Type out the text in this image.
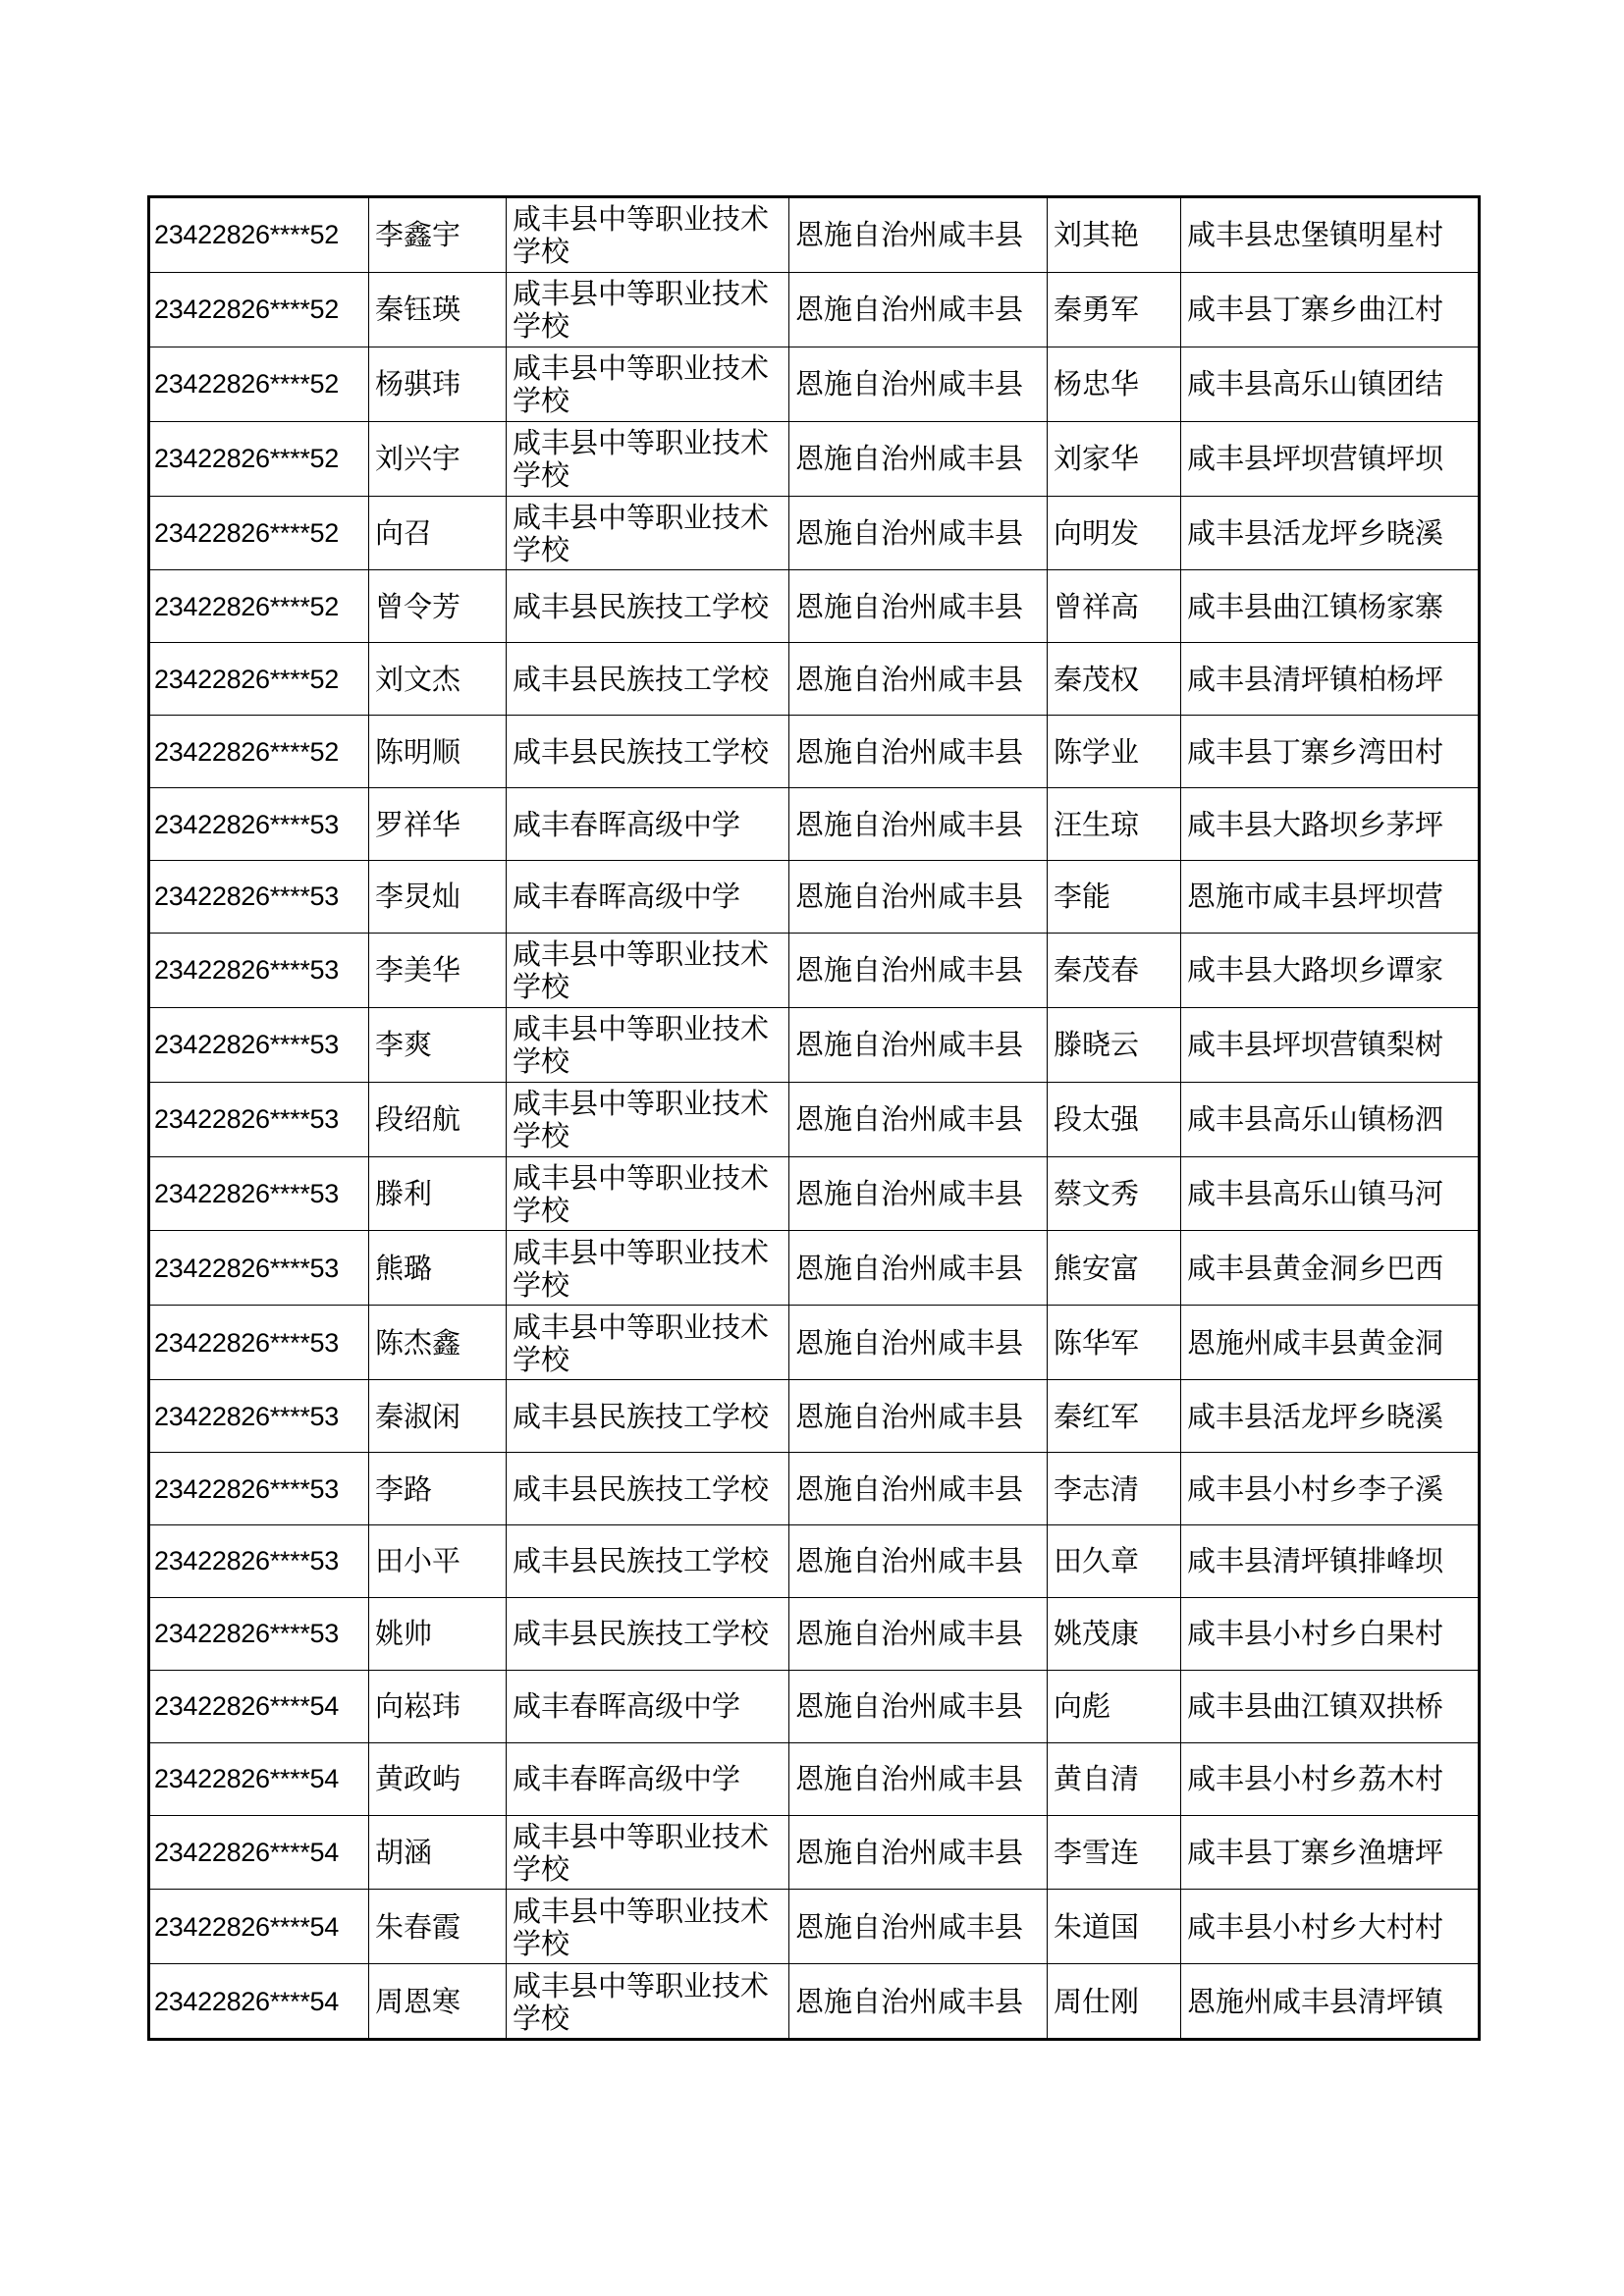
23422826****52	李鑫宇	咸丰县中等职业技术学校	恩施自治州咸丰县	刘其艳	咸丰县忠堡镇明星村
23422826****52	秦钰瑛	咸丰县中等职业技术学校	恩施自治州咸丰县	秦勇军	咸丰县丁寨乡曲江村
23422826****52	杨骐玮	咸丰县中等职业技术学校	恩施自治州咸丰县	杨忠华	咸丰县高乐山镇团结
23422826****52	刘兴宇	咸丰县中等职业技术学校	恩施自治州咸丰县	刘家华	咸丰县坪坝营镇坪坝
23422826****52	向召	咸丰县中等职业技术学校	恩施自治州咸丰县	向明发	咸丰县活龙坪乡晓溪
23422826****52	曾令芳	咸丰县民族技工学校	恩施自治州咸丰县	曾祥高	咸丰县曲江镇杨家寨
23422826****52	刘文杰	咸丰县民族技工学校	恩施自治州咸丰县	秦茂权	咸丰县清坪镇柏杨坪
23422826****52	陈明顺	咸丰县民族技工学校	恩施自治州咸丰县	陈学业	咸丰县丁寨乡湾田村
23422826****53	罗祥华	咸丰春晖高级中学	恩施自治州咸丰县	汪生琼	咸丰县大路坝乡茅坪
23422826****53	李炅灿	咸丰春晖高级中学	恩施自治州咸丰县	李能	恩施市咸丰县坪坝营
23422826****53	李美华	咸丰县中等职业技术学校	恩施自治州咸丰县	秦茂春	咸丰县大路坝乡谭家
23422826****53	李爽	咸丰县中等职业技术学校	恩施自治州咸丰县	滕晓云	咸丰县坪坝营镇梨树
23422826****53	段绍航	咸丰县中等职业技术学校	恩施自治州咸丰县	段太强	咸丰县高乐山镇杨泗
23422826****53	滕利	咸丰县中等职业技术学校	恩施自治州咸丰县	蔡文秀	咸丰县高乐山镇马河
23422826****53	熊璐	咸丰县中等职业技术学校	恩施自治州咸丰县	熊安富	咸丰县黄金洞乡巴西
23422826****53	陈杰鑫	咸丰县中等职业技术学校	恩施自治州咸丰县	陈华军	恩施州咸丰县黄金洞
23422826****53	秦淑闲	咸丰县民族技工学校	恩施自治州咸丰县	秦红军	咸丰县活龙坪乡晓溪
23422826****53	李路	咸丰县民族技工学校	恩施自治州咸丰县	李志清	咸丰县小村乡李子溪
23422826****53	田小平	咸丰县民族技工学校	恩施自治州咸丰县	田久章	咸丰县清坪镇排峰坝
23422826****53	姚帅	咸丰县民族技工学校	恩施自治州咸丰县	姚茂康	咸丰县小村乡白果村
23422826****54	向崧玮	咸丰春晖高级中学	恩施自治州咸丰县	向彪	咸丰县曲江镇双拱桥
23422826****54	黄政屿	咸丰春晖高级中学	恩施自治州咸丰县	黄自清	咸丰县小村乡荔木村
23422826****54	胡涵	咸丰县中等职业技术学校	恩施自治州咸丰县	李雪连	咸丰县丁寨乡渔塘坪
23422826****54	朱春霞	咸丰县中等职业技术学校	恩施自治州咸丰县	朱道国	咸丰县小村乡大村村
23422826****54	周恩寒	咸丰县中等职业技术学校	恩施自治州咸丰县	周仕刚	恩施州咸丰县清坪镇
